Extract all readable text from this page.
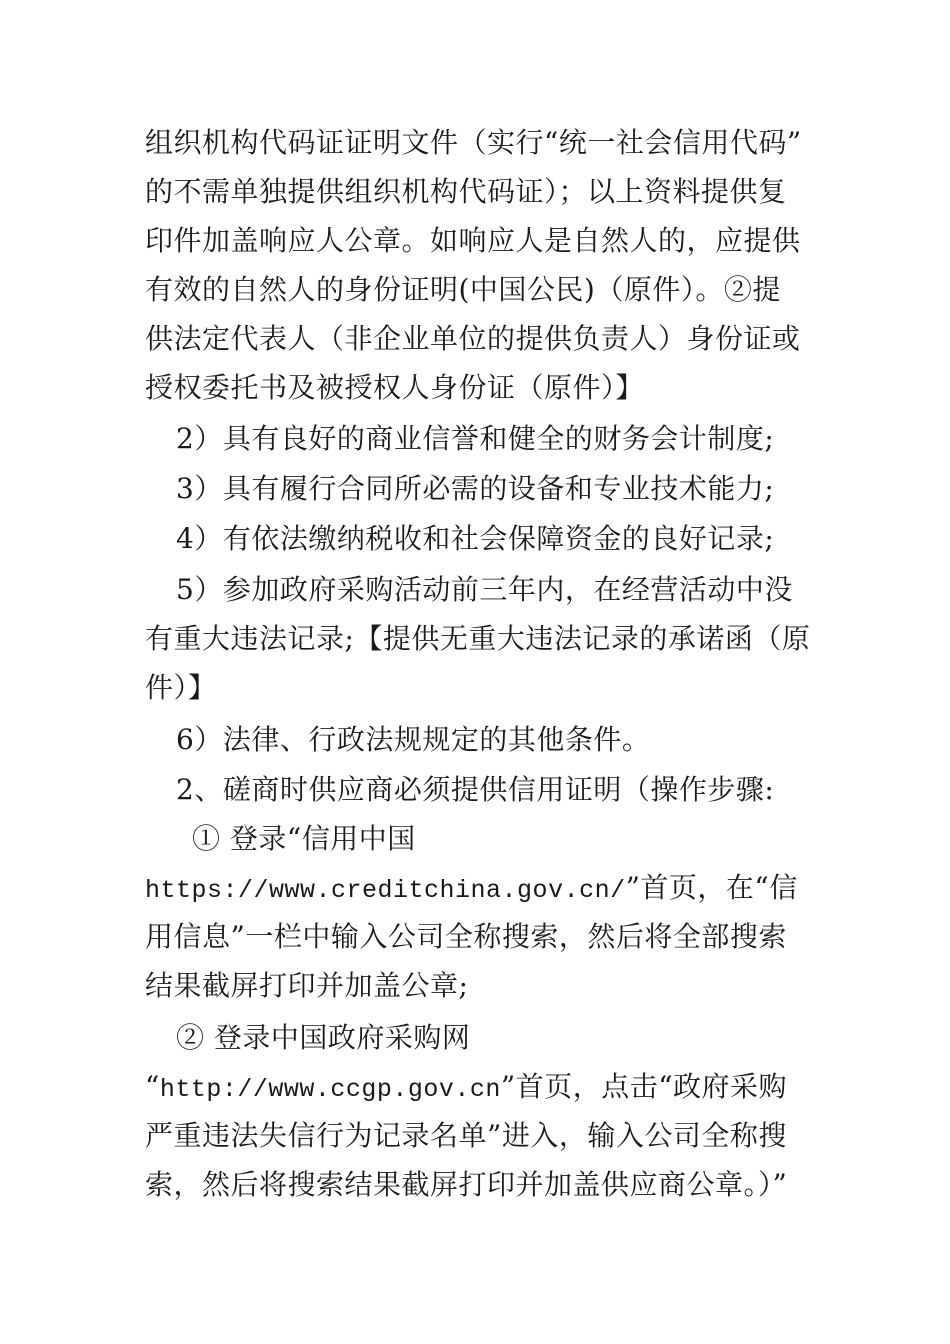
组织机构代码证证明文件（实行“统一社会信用代码”
的不需单独提供组织机构代码证）；以上资料提供复
印件加盖响应人公章。如响应人是自然人的，应提供
有效的自然人的身份证明(中国公民)（原件）。②提
供法定代表人（非企业单位的提供负责人）身份证或
授权委托书及被授权人身份证（原件）】
2）具有良好的商业信誉和健全的财务会计制度;
3）具有履行合同所必需的设备和专业技术能力;
4）有依法缴纳税收和社会保障资金的良好记录;
5）参加政府采购活动前三年内，在经营活动中没
有重大违法记录;【提供无重大违法记录的承诺函（原
件）】
6）法律、行政法规规定的其他条件。
2、磋商时供应商必须提供信用证明（操作步骤:
① 登录“信用中国
https://www.creditchina.gov.cn/”首页，在“信
用信息”一栏中输入公司全称搜索，然后将全部搜索
结果截屏打印并加盖公章;
② 登录中国政府采购网
“http://www.ccgp.gov.cn”首页，点击“政府采购
严重违法失信行为记录名单”进入，输入公司全称搜
索，然后将搜索结果截屏打印并加盖供应商公章。）”
